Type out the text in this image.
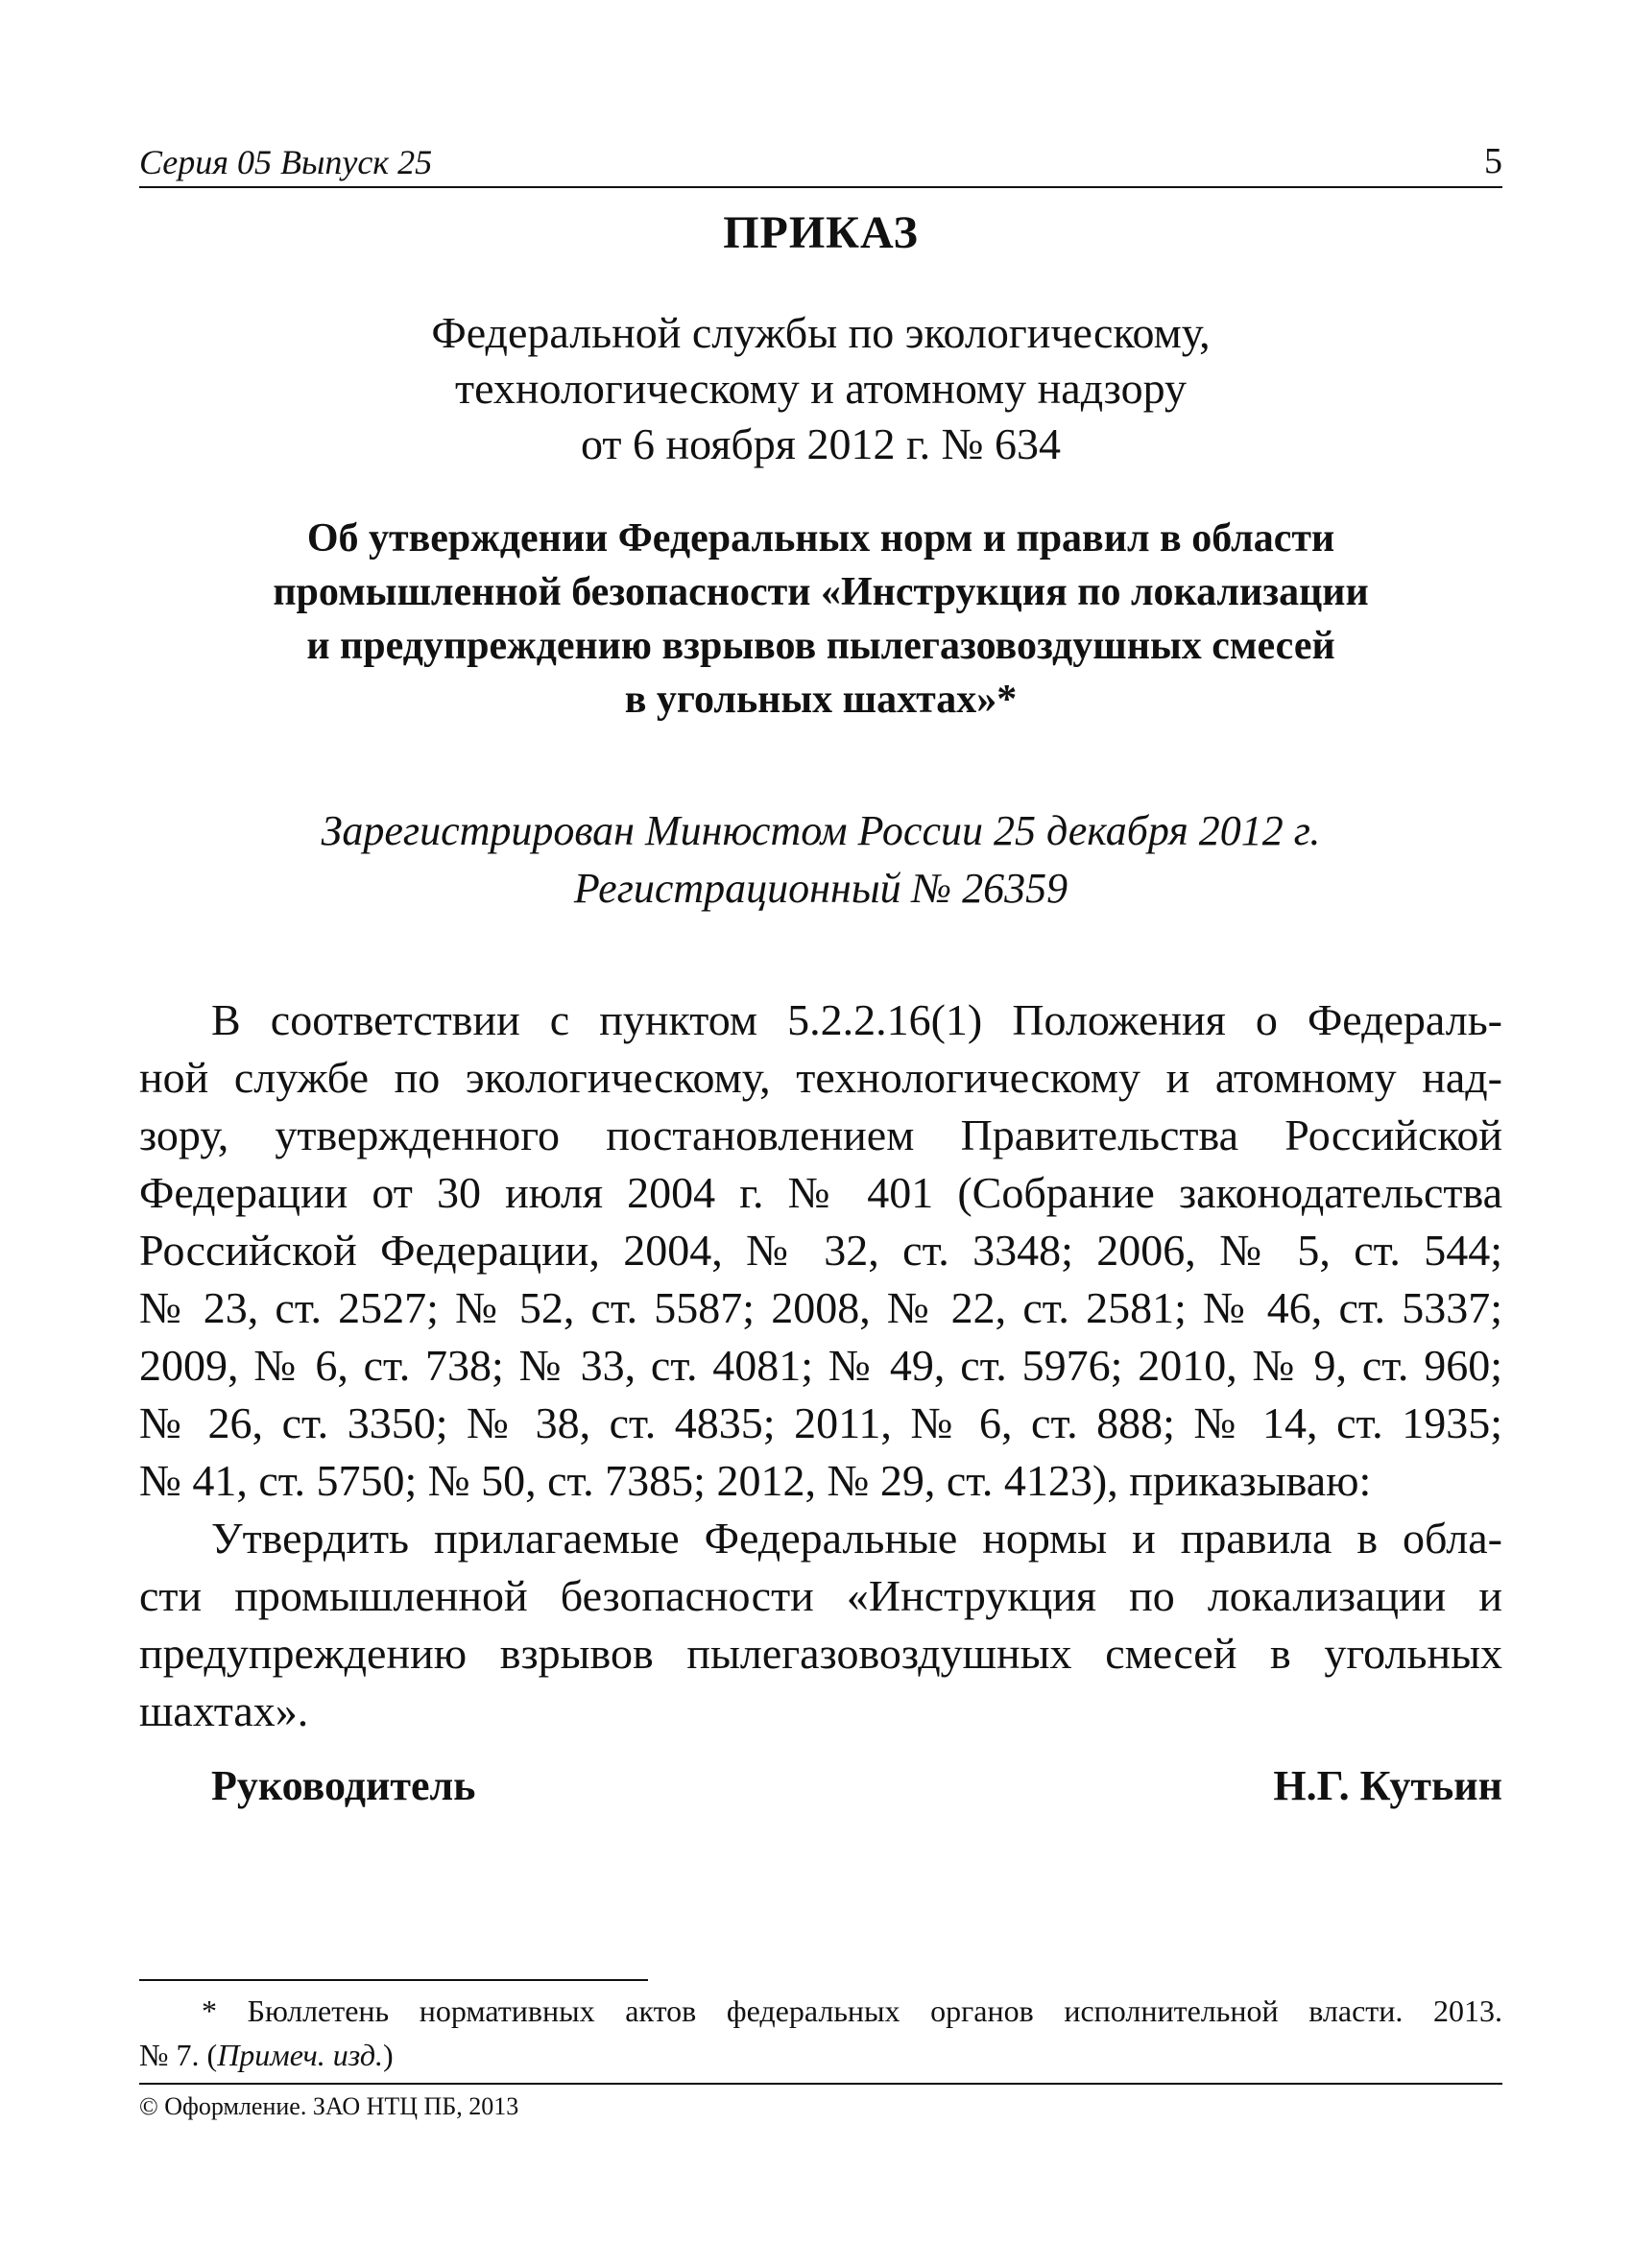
Серия 05 Выпуск 25	5
ПРИКАЗ
Федеральной службы по экологическому,
технологическому и атомному надзору
от 6 ноября 2012 г. № 634
Об утверждении Федеральных норм и правил в области
промышленной безопасности «Инструкция по локализации
и предупреждению взрывов пылегазовоздушных смесей
в угольных шахтах»*
Зарегистрирован Минюстом России 25 декабря 2012 г.
Регистрационный № 26359
В соответствии с пунктом 5.2.2.16(1) Положения о Федераль-
ной службе по экологическому, технологическому и атомному над-
зору, утвержденного постановлением Правительства Российской
Федерации от 30 июля 2004 г. № 401 (Собрание законодательства
Российской Федерации, 2004, № 32, ст. 3348; 2006, № 5, ст. 544;
№ 23, ст. 2527; № 52, ст. 5587; 2008, № 22, ст. 2581; № 46, ст. 5337;
2009, № 6, ст. 738; № 33, ст. 4081; № 49, ст. 5976; 2010, № 9, ст. 960;
№ 26, ст. 3350; № 38, ст. 4835; 2011, № 6, ст. 888; № 14, ст. 1935;
№ 41, ст. 5750; № 50, ст. 7385; 2012, № 29, ст. 4123), приказываю:
Утвердить прилагаемые Федеральные нормы и правила в обла-
сти промышленной безопасности «Инструкция по локализации и
предупреждению взрывов пылегазовоздушных смесей в угольных
шахтах».
Руководитель	Н.Г. Кутьин
* Бюллетень нормативных актов федеральных органов исполнительной власти. 2013.
№ 7. (Примеч. изд.)
© Оформление. ЗАО НТЦ ПБ, 2013
